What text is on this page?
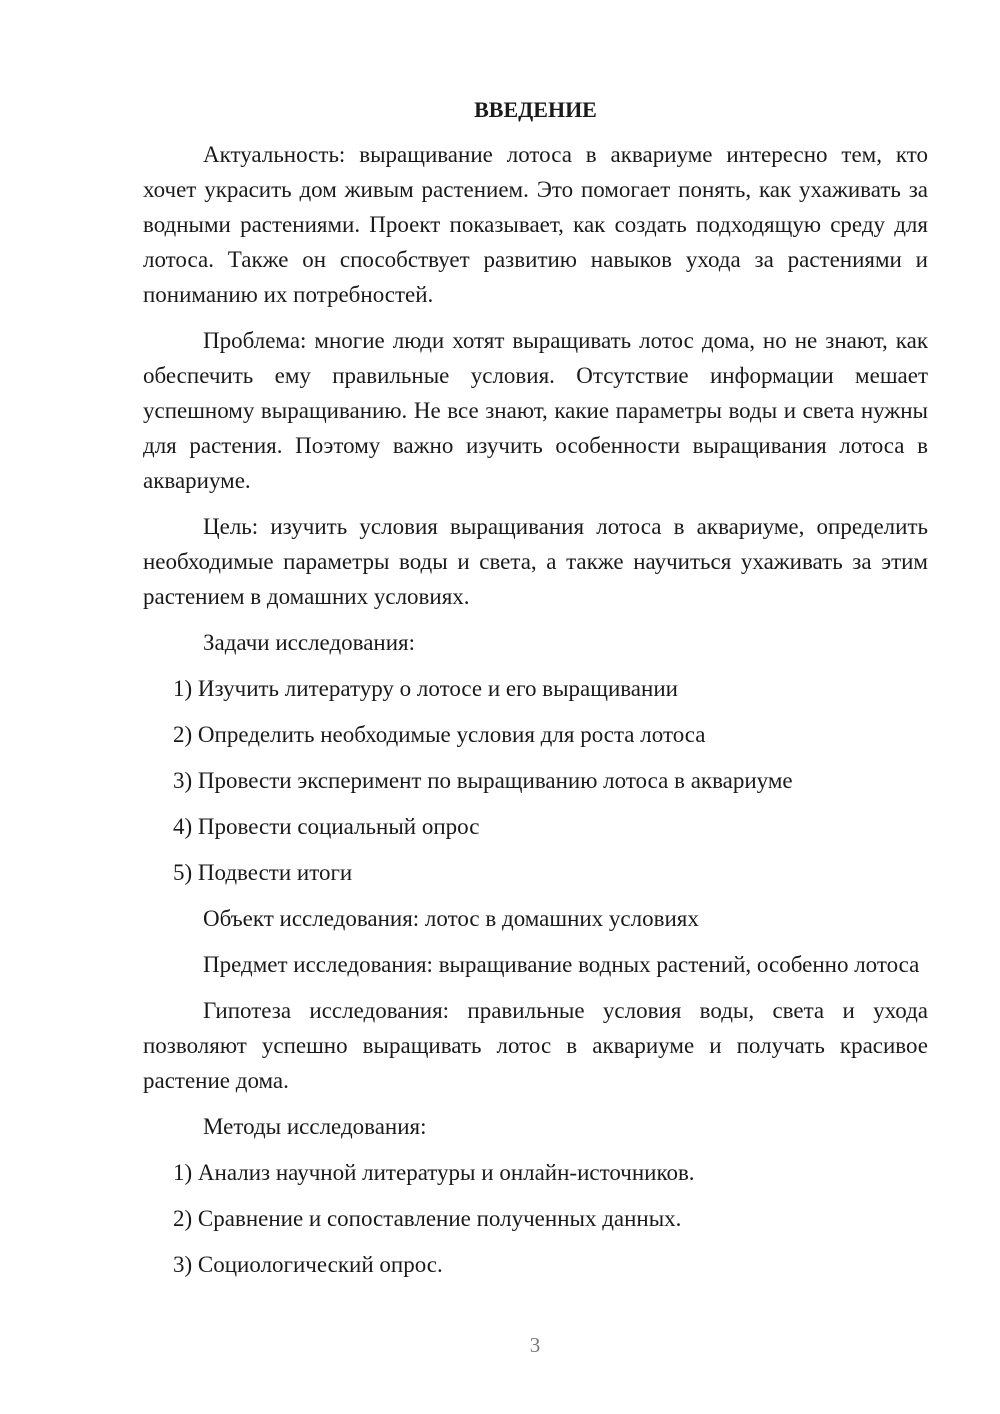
ВВЕДЕНИЕ

Актуальность: выращивание лотоса в аквариуме интересно тем, кто хочет украсить дом живым растением. Это помогает понять, как ухаживать за водными растениями. Проект показывает, как создать подходящую среду для лотоса. Также он способствует развитию навыков ухода за растениями и пониманию их потребностей.

Проблема: многие люди хотят выращивать лотос дома, но не знают, как обеспечить ему правильные условия. Отсутствие информации мешает успешному выращиванию. Не все знают, какие параметры воды и света нужны для растения. Поэтому важно изучить особенности выращивания лотоса в аквариуме.

Цель: изучить условия выращивания лотоса в аквариуме, определить необходимые параметры воды и света, а также научиться ухаживать за этим растением в домашних условиях.

Задачи исследования:

1) Изучить литературу о лотосе и его выращивании

2) Определить необходимые условия для роста лотоса

3) Провести эксперимент по выращиванию лотоса в аквариуме

4) Провести социальный опрос

5) Подвести итоги

Объект исследования: лотос в домашних условиях

Предмет исследования: выращивание водных растений, особенно лотоса

Гипотеза исследования: правильные условия воды, света и ухода позволяют успешно выращивать лотос в аквариуме и получать красивое растение дома.

Методы исследования:

1) Анализ научной литературы и онлайн-источников.

2) Сравнение и сопоставление полученных данных.

3) Социологический опрос.

3
